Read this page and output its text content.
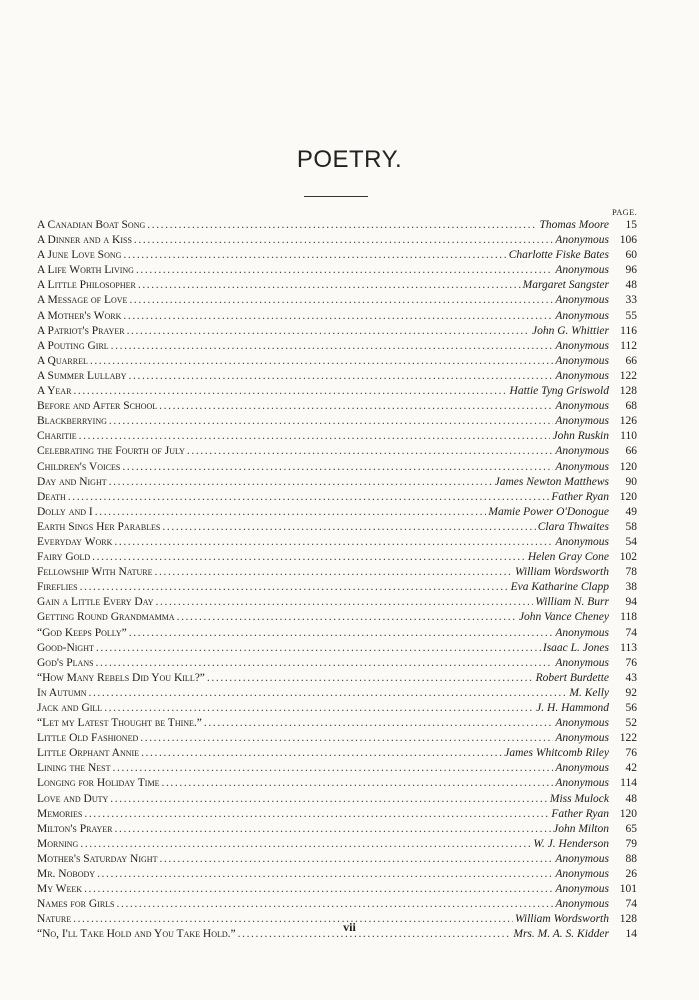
POETRY.
PAGE.
A Canadian Boat Song .....	Thomas Moore	15
A Dinner and a Kiss .....	Anonymous 106
A June Love Song .....	Charlotte Fiske Bates	60
A Life Worth Living .....	Anonymous	96
A Little Philosopher .....	Margaret Sangster	48
A Message of Love .....	Anonymous	33
A Mother's Work .....	Anonymous	55
A Patriot's Prayer .....	John G. Whittier 116
A Pouting Girl .....	Anonymous 112
A Quarrel .....	Anonymous	66
A Summer Lullaby .....	Anonymous 122
A Year .....	Hattie Tyng Griswold 128
Before and After School .....	Anonymous	68
Blackberrying .....	Anonymous 126
Charitie .....	John Ruskin 110
Celebrating the Fourth of July .....	Anonymous	66
Children's Voices .....	Anonymous 120
Day and Night .....	James Newton Matthews	90
Death .....	Father Ryan 120
Dolly and I .....	Mamie Power O'Donogue	49
Earth Sings Her Parables .....	Clara Thwaites	58
Everyday Work .....	Anonymous	54
Fairy Gold .....	Helen Gray Cone 102
Fellowship With Nature .....	William Wordsworth	78
Fireflies .....	Eva Katharine Clapp	38
Gain a Little Every Day .....	William N. Burr	94
Getting Round Grandmamma .....	John Vance Cheney 118
“God Keeps Polly” .....	Anonymous	74
Good-Night .....	Isaac L. Jones 113
God's Plans .....	Anonymous	76
“How Many Rebels Did You Kill?” .....	Robert Burdette	43
In Autumn .....	M. Kelly	92
Jack and Gill .....	J. H. Hammond	56
“Let my Latest Thought be Thine.” .....	Anonymous	52
Little Old Fashioned .....	Anonymous 122
Little Orphant Annie .....	James Whitcomb Riley	76
Lining the Nest .....	Anonymous	42
Longing for Holiday Time .....	Anonymous 114
Love and Duty .....	Miss Mulock	48
Memories .....	Father Ryan 120
Milton's Prayer .....	John Milton	65
Morning .....	W. J. Henderson	79
Mother's Saturday Night .....	Anonymous	88
Mr. Nobody .....	Anonymous	26
My Week .....	Anonymous 101
Names for Girls .....	Anonymous	74
Nature .....	William Wordsworth 128
“No, I'll Take Hold and You Take Hold.” .....	Mrs. M. A. S. Kidder	14
vii
